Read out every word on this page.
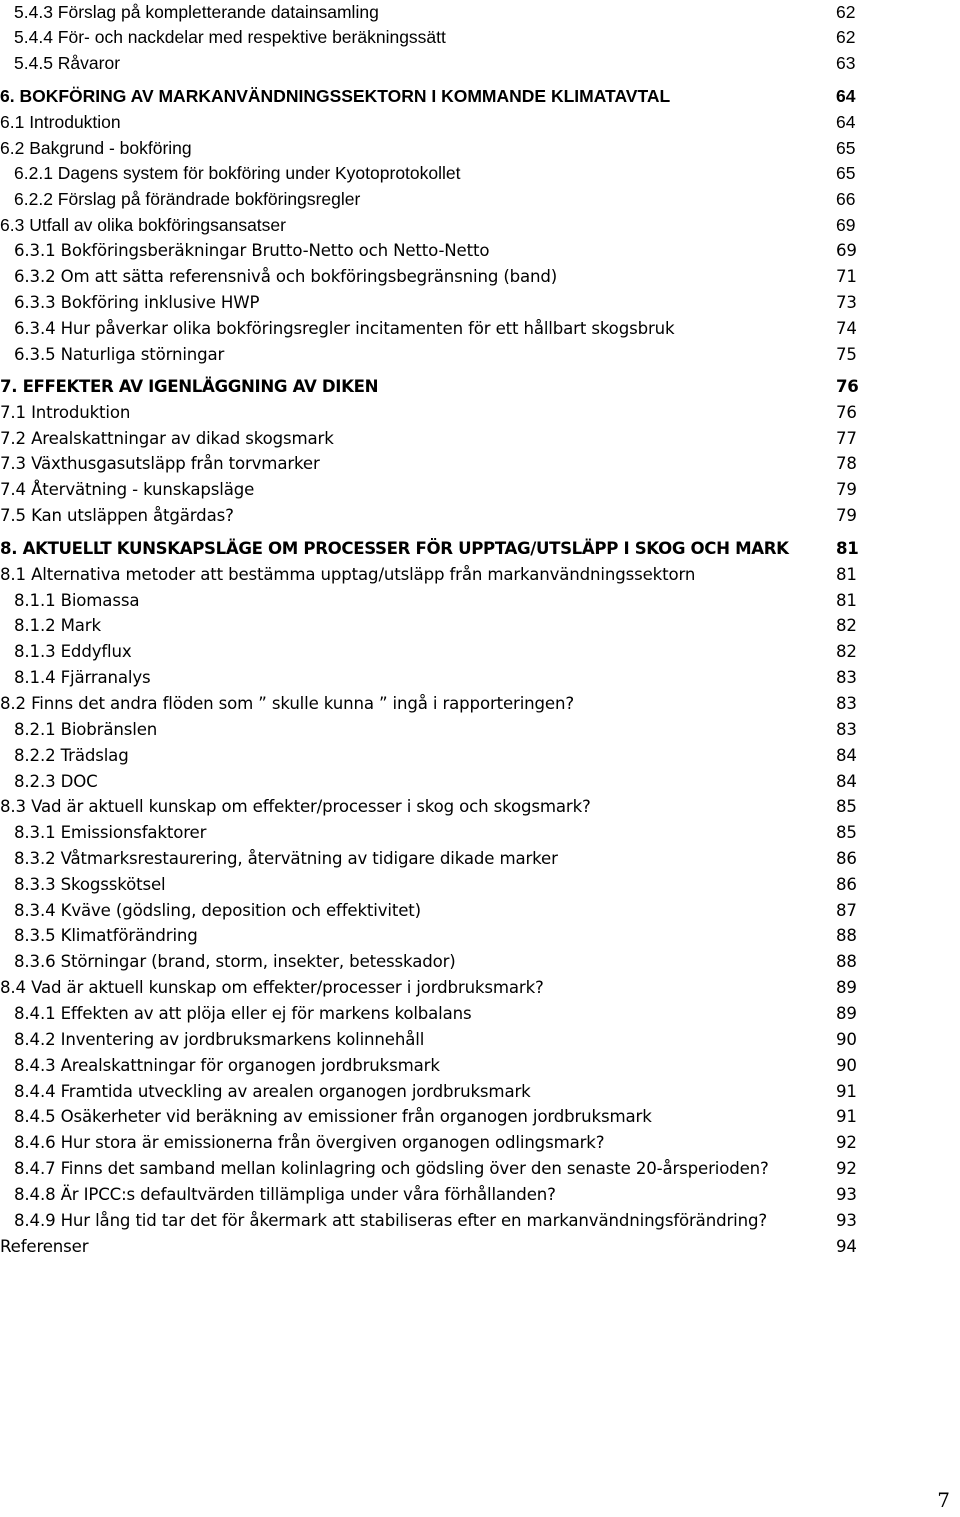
5.4.3 Förslag på kompletterande datainsamling	62
5.4.4 För- och nackdelar med respektive beräkningssätt	62
5.4.5 Råvaror	63
6. BOKFÖRING AV MARKANVÄNDNINGSSEKTORN I KOMMANDE KLIMATAVTAL	64
6.1 Introduktion	64
6.2 Bakgrund - bokföring	65
6.2.1 Dagens system för bokföring under Kyotoprotokollet	65
6.2.2 Förslag på förändrade bokföringsregler	66
6.3 Utfall av olika bokföringsansatser	69
6.3.1 Bokföringsberäkningar Brutto-Netto och Netto-Netto	69
6.3.2 Om att sätta referensnivå och bokföringsbegränsning (band)	71
6.3.3 Bokföring inklusive HWP	73
6.3.4 Hur påverkar olika bokföringsregler incitamenten för ett hållbart skogsbruk	74
6.3.5 Naturliga störningar	75
7. EFFEKTER AV IGENLÄGGNING AV DIKEN	76
7.1 Introduktion	76
7.2 Arealskattningar av dikad skogsmark	77
7.3 Växthusgasutsläpp från torvmarker	78
7.4 Återvätning - kunskapsläge	79
7.5 Kan utsläppen åtgärdas?	79
8. AKTUELLT KUNSKAPSLÄGE OM PROCESSER FÖR UPPTAG/UTSLÄPP I SKOG OCH MARK	81
8.1 Alternativa metoder att bestämma upptag/utsläpp från markanvändningssektorn	81
8.1.1 Biomassa	81
8.1.2 Mark	82
8.1.3 Eddyflux	82
8.1.4 Fjärranalys	83
8.2 Finns det andra flöden som ” skulle kunna ” ingå i rapporteringen?	83
8.2.1 Biobränslen	83
8.2.2 Trädslag	84
8.2.3 DOC	84
8.3 Vad är aktuell kunskap om effekter/processer i skog och skogsmark?	85
8.3.1 Emissionsfaktorer	85
8.3.2 Våtmarksrestaurering, återvätning av tidigare dikade marker	86
8.3.3 Skogsskötsel	86
8.3.4 Kväve (gödsling, deposition och effektivitet)	87
8.3.5 Klimatförändring	88
8.3.6 Störningar (brand, storm, insekter, betesskador)	88
8.4 Vad är aktuell kunskap om effekter/processer i jordbruksmark?	89
8.4.1 Effekten av att plöja eller ej för markens kolbalans	89
8.4.2 Inventering av jordbruksmarkens kolinnehåll	90
8.4.3 Arealskattningar för organogen jordbruksmark	90
8.4.4 Framtida utveckling av arealen organogen jordbruksmark	91
8.4.5 Osäkerheter vid beräkning av emissioner från organogen jordbruksmark	91
8.4.6 Hur stora är emissionerna från övergiven organogen odlingsmark?	92
8.4.7 Finns det samband mellan kolinlagring och gödsling över den senaste 20-årsperioden?	92
8.4.8 Är IPCC:s defaultvärden tillämpliga under våra förhållanden?	93
8.4.9 Hur lång tid tar det för åkermark att stabiliseras efter en markanvändningsförändring?	93
Referenser	94
7
